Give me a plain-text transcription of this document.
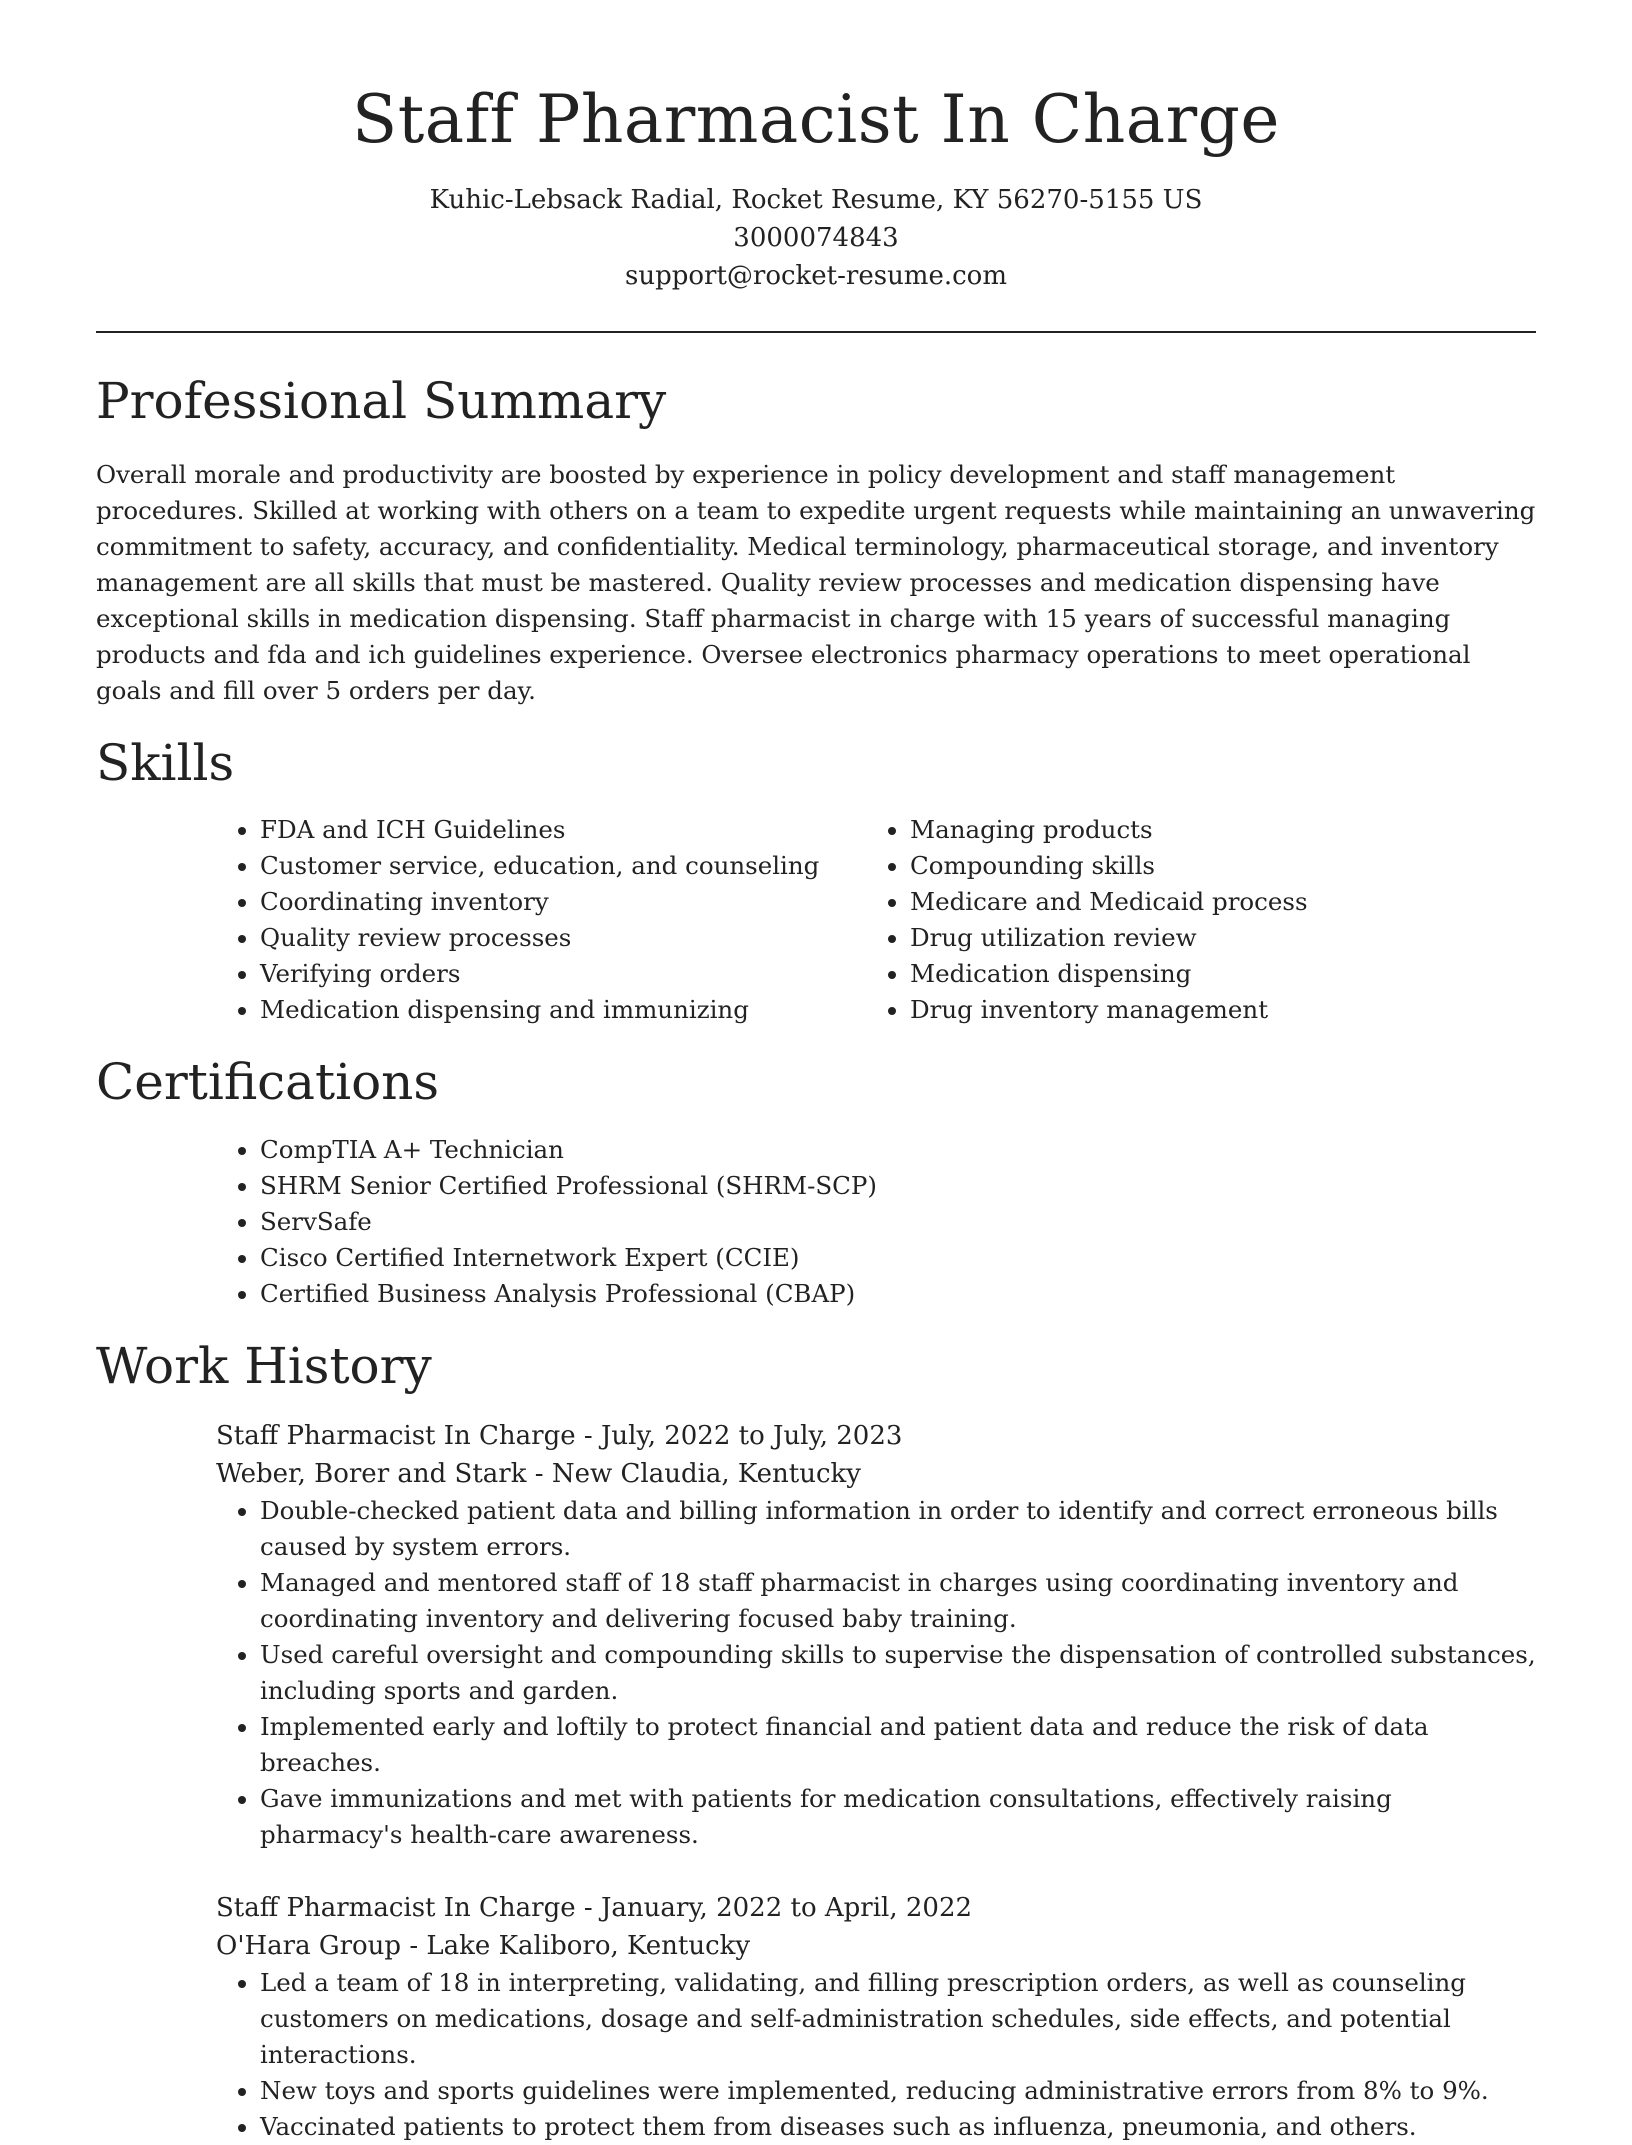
Staff Pharmacist In Charge
Kuhic-Lebsack Radial, Rocket Resume, KY 56270-5155 US
3000074843
support@rocket-resume.com
Professional Summary

Overall morale and productivity are boosted by experience in policy development and staff management procedures. Skilled at working with others on a team to expedite urgent requests while maintaining an unwavering commitment to safety, accuracy, and confidentiality. Medical terminology, pharmaceutical storage, and inventory management are all skills that must be mastered. Quality review processes and medication dispensing have exceptional skills in medication dispensing. Staff pharmacist in charge with 15 years of successful managing products and fda and ich guidelines experience. Oversee electronics pharmacy operations to meet operational goals and fill over 5 orders per day.

Skills
• FDA and ICH Guidelines
• Customer service, education, and counseling
• Coordinating inventory
• Quality review processes
• Verifying orders
• Medication dispensing and immunizing
• Managing products
• Compounding skills
• Medicare and Medicaid process
• Drug utilization review
• Medication dispensing
• Drug inventory management
Certifications
• CompTIA A+ Technician
• SHRM Senior Certified Professional (SHRM-SCP)
• ServSafe
• Cisco Certified Internetwork Expert (CCIE)
• Certified Business Analysis Professional (CBAP)
Work History
Staff Pharmacist In Charge - July, 2022 to July, 2023
Weber, Borer and Stark - New Claudia, Kentucky
• Double-checked patient data and billing information in order to identify and correct erroneous bills caused by system errors.
• Managed and mentored staff of 18 staff pharmacist in charges using coordinating inventory and coordinating inventory and delivering focused baby training.
• Used careful oversight and compounding skills to supervise the dispensation of controlled substances, including sports and garden.
• Implemented early and loftily to protect financial and patient data and reduce the risk of data breaches.
• Gave immunizations and met with patients for medication consultations, effectively raising pharmacy's health-care awareness.
Staff Pharmacist In Charge - January, 2022 to April, 2022
O'Hara Group - Lake Kaliboro, Kentucky
• Led a team of 18 in interpreting, validating, and filling prescription orders, as well as counseling customers on medications, dosage and self-administration schedules, side effects, and potential interactions.
• New toys and sports guidelines were implemented, reducing administrative errors from 8% to 9%.
• Vaccinated patients to protect them from diseases such as influenza, pneumonia, and others.
